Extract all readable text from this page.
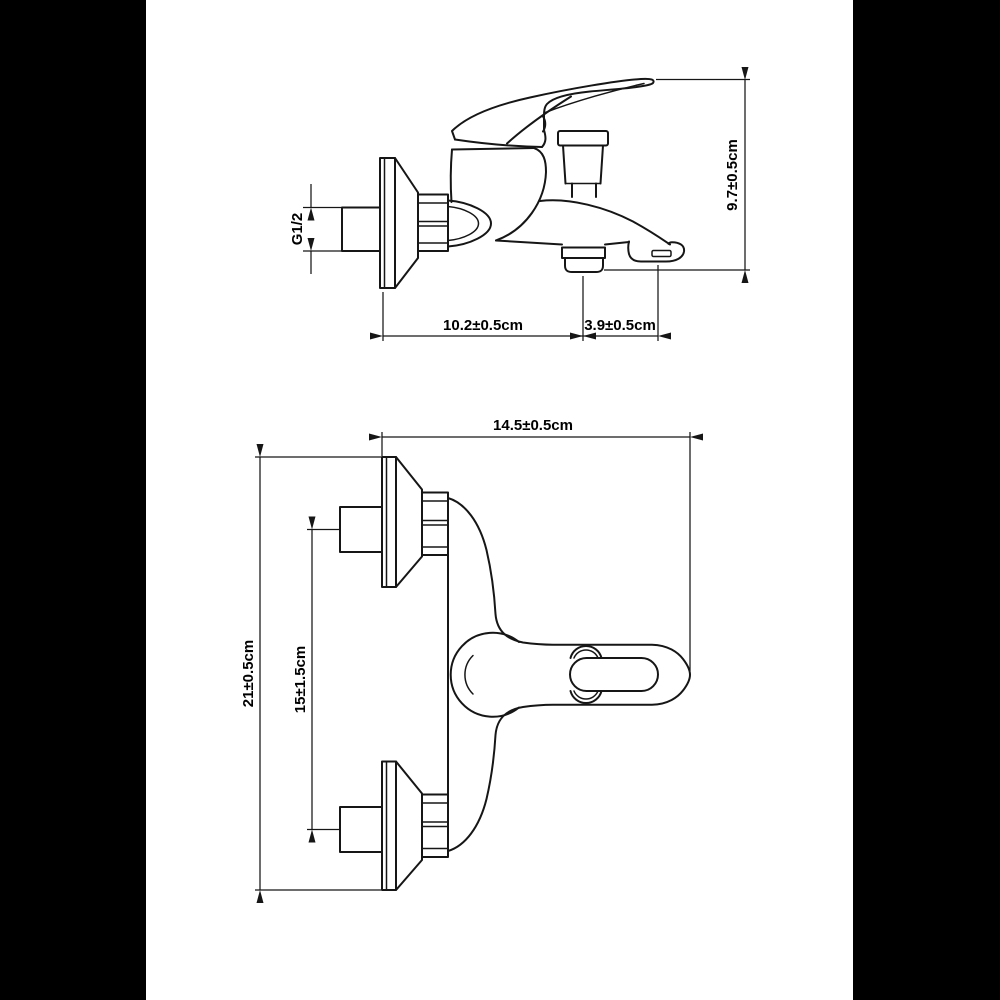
G1/2
9.7±0.5cm
10.2±0.5cm	3.9±0.5cm
14.5±0.5cm
21±0.5cm 15±1.5cm
